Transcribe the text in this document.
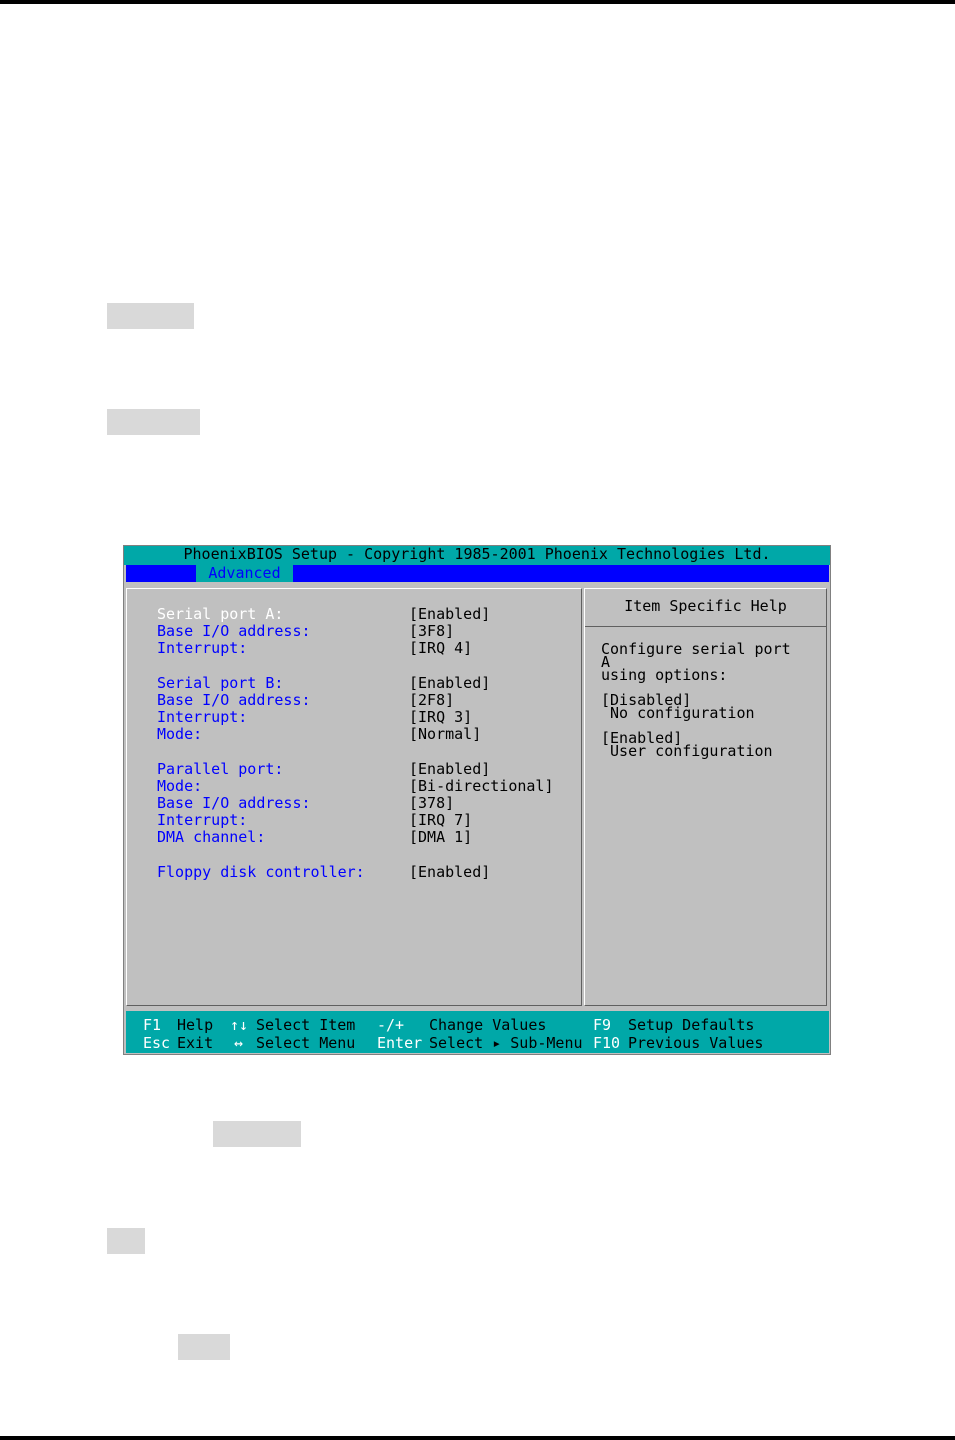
PhoenixBIOS Setup - Copyright 1985-2001 Phoenix Technologies Ltd.
Advanced
Serial port A:	[Enabled]
Base I/O address:	[3F8]
Interrupt:	[IRQ 4]
Serial port B:	[Enabled]
Base I/O address:	[2F8]
Interrupt:	[IRQ 3]
Mode:	[Normal]
Parallel port:	[Enabled]
Mode:	[Bi-directional]
Base I/O address:	[378]
Interrupt:	[IRQ 7]
DMA channel:	[DMA 1]
Floppy disk controller:	[Enabled]
Item Specific Help
Configure serial port
A
using options:
[Disabled]
No configuration
[Enabled]
User configuration
F1 Help ↑↓ Select Item -/+ Change Values	F9 Setup Defaults
Esc Exit ↔ Select Menu Enter Select ▸ Sub-Menu F10 Previous Values
